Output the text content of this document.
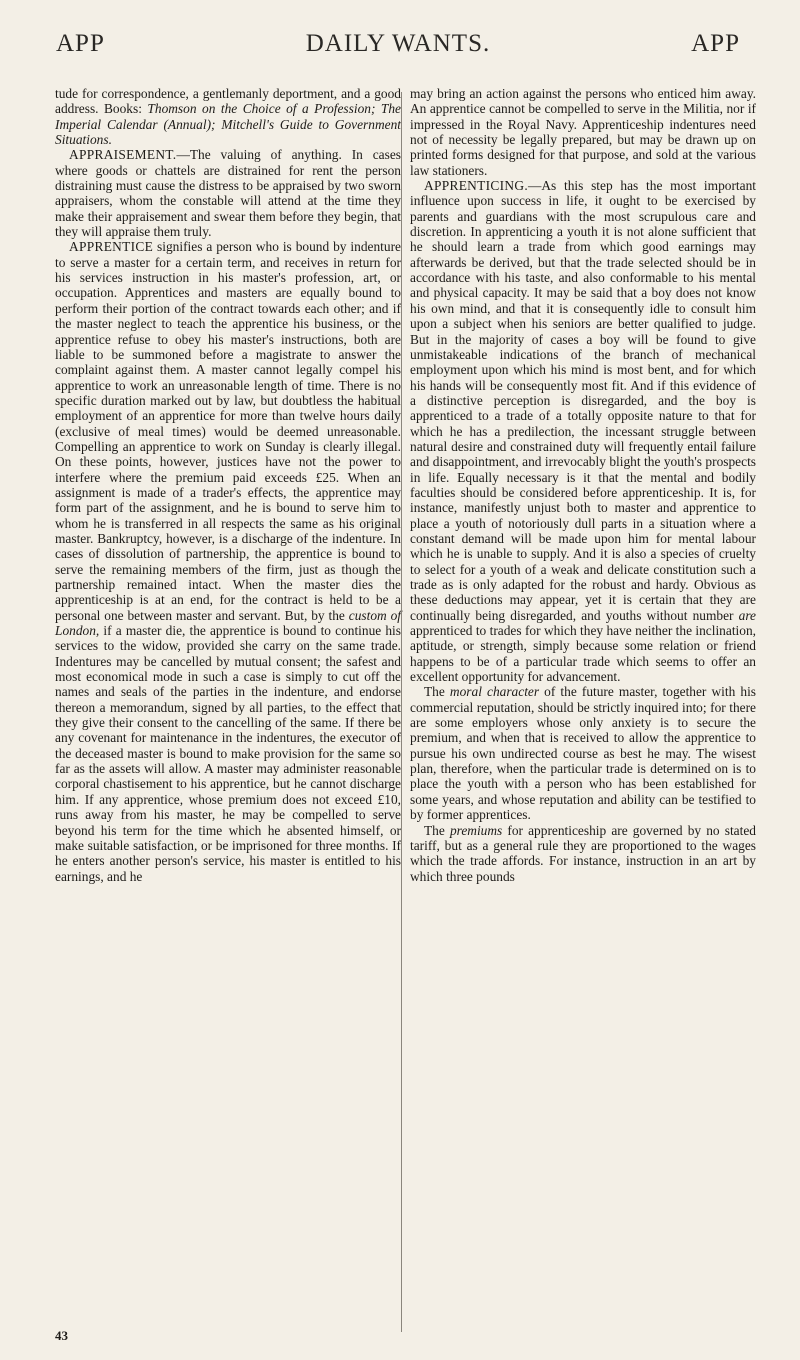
APP	DAILY WANTS.	APP

tude for correspondence, a gentlemanly deportment, and a good address. Books: Thomson on the Choice of a Profession; The Imperial Calendar (Annual); Mitchell's Guide to Government Situations.

APPRAISEMENT.—The valuing of anything. In cases where goods or chattels are distrained for rent the person distraining must cause the distress to be appraised by two sworn appraisers, whom the constable will attend at the time they make their appraisement and swear them before they begin, that they will appraise them truly.

APPRENTICE signifies a person who is bound by indenture to serve a master for a certain term, and receives in return for his services instruction in his master's profession, art, or occupation. Apprentices and masters are equally bound to perform their portion of the contract towards each other; and if the master neglect to teach the apprentice his business, or the apprentice refuse to obey his master's instructions, both are liable to be summoned before a magistrate to answer the complaint against them. A master cannot legally compel his apprentice to work an unreasonable length of time. There is no specific duration marked out by law, but doubtless the habitual employment of an apprentice for more than twelve hours daily (exclusive of meal times) would be deemed unreasonable. Compelling an apprentice to work on Sunday is clearly illegal. On these points, however, justices have not the power to interfere where the premium paid exceeds £25. When an assignment is made of a trader's effects, the apprentice may form part of the assignment, and he is bound to serve him to whom he is transferred in all respects the same as his original master. Bankruptcy, however, is a discharge of the indenture. In cases of dissolution of partnership, the apprentice is bound to serve the remaining members of the firm, just as though the partnership remained intact. When the master dies the apprenticeship is at an end, for the contract is held to be a personal one between master and servant. But, by the custom of London, if a master die, the apprentice is bound to continue his services to the widow, provided she carry on the same trade. Indentures may be cancelled by mutual consent; the safest and most economical mode in such a case is simply to cut off the names and seals of the parties in the indenture, and endorse thereon a memorandum, signed by all parties, to the effect that they give their consent to the cancelling of the same. If there be any covenant for maintenance in the indentures, the executor of the deceased master is bound to make provision for the same so far as the assets will allow. A master may administer reasonable corporal chastisement to his apprentice, but he cannot discharge him. If any apprentice, whose premium does not exceed £10, runs away from his master, he may be compelled to serve beyond his term for the time which he absented himself, or make suitable satisfaction, or be imprisoned for three months. If he enters another person's service, his master is entitled to his earnings, and he

may bring an action against the persons who enticed him away. An apprentice cannot be compelled to serve in the Militia, nor if impressed in the Royal Navy. Apprenticeship indentures need not of necessity be legally prepared, but may be drawn up on printed forms designed for that purpose, and sold at the various law stationers.

APPRENTICING.—As this step has the most important influence upon success in life, it ought to be exercised by parents and guardians with the most scrupulous care and discretion. In apprenticing a youth it is not alone sufficient that he should learn a trade from which good earnings may afterwards be derived, but that the trade selected should be in accordance with his taste, and also conformable to his mental and physical capacity. It may be said that a boy does not know his own mind, and that it is consequently idle to consult him upon a subject when his seniors are better qualified to judge. But in the majority of cases a boy will be found to give unmistakeable indications of the branch of mechanical employment upon which his mind is most bent, and for which his hands will be consequently most fit. And if this evidence of a distinctive perception is disregarded, and the boy is apprenticed to a trade of a totally opposite nature to that for which he has a predilection, the incessant struggle between natural desire and constrained duty will frequently entail failure and disappointment, and irrevocably blight the youth's prospects in life. Equally necessary is it that the mental and bodily faculties should be considered before apprenticeship. It is, for instance, manifestly unjust both to master and apprentice to place a youth of notoriously dull parts in a situation where a constant demand will be made upon him for mental labour which he is unable to supply. And it is also a species of cruelty to select for a youth of a weak and delicate constitution such a trade as is only adapted for the robust and hardy. Obvious as these deductions may appear, yet it is certain that they are continually being disregarded, and youths without number are apprenticed to trades for which they have neither the inclination, aptitude, or strength, simply because some relation or friend happens to be of a particular trade which seems to offer an excellent opportunity for advancement.

The moral character of the future master, together with his commercial reputation, should be strictly inquired into; for there are some employers whose only anxiety is to secure the premium, and when that is received to allow the apprentice to pursue his own undirected course as best he may. The wisest plan, therefore, when the particular trade is determined on is to place the youth with a person who has been established for some years, and whose reputation and ability can be testified to by former apprentices.

The premiums for apprenticeship are governed by no stated tariff, but as a general rule they are proportioned to the wages which the trade affords. For instance, instruction in an art by which three pounds

43
